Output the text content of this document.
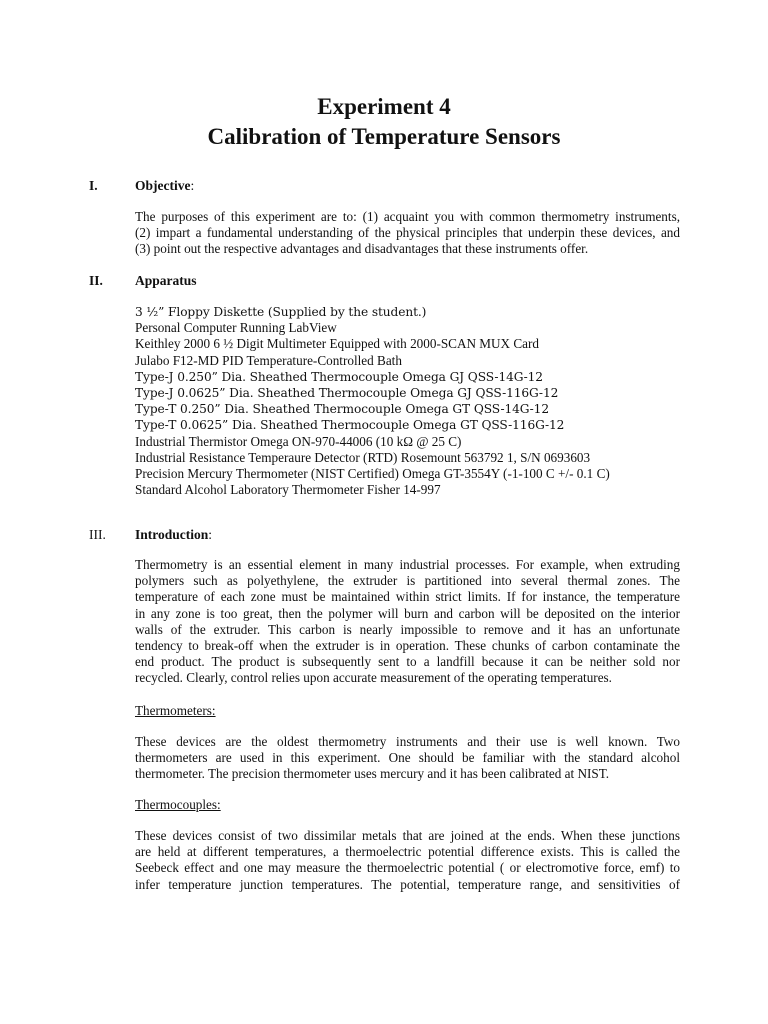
Experiment 4
Calibration of Temperature Sensors
I.	Objective:
The purposes of this experiment are to: (1) acquaint you with common thermometry instruments,
(2) impart a fundamental understanding of the physical principles that underpin these devices, and
(3) point out the respective advantages and disadvantages that these instruments offer.
II. Apparatus
3 ½” Floppy Diskette (Supplied by the student.)
Personal Computer Running LabView
Keithley 2000 6 ½ Digit Multimeter Equipped with 2000-SCAN MUX Card
Julabo F12-MD PID Temperature-Controlled Bath
Type-J 0.250” Dia. Sheathed Thermocouple Omega GJ QSS-14G-12
Type-J 0.0625” Dia. Sheathed Thermocouple Omega GJ QSS-116G-12
Type-T 0.250” Dia. Sheathed Thermocouple Omega GT QSS-14G-12
Type-T 0.0625” Dia. Sheathed Thermocouple Omega GT QSS-116G-12
Industrial Thermistor Omega ON-970-44006 (10 kΩ @ 25 C)
Industrial Resistance Temperaure Detector (RTD) Rosemount 563792 1, S/N 0693603
Precision Mercury Thermometer (NIST Certified) Omega GT-3554Y (-1-100 C +/- 0.1 C)
Standard Alcohol Laboratory Thermometer Fisher 14-997
III. Introduction:
Thermometry is an essential element in many industrial processes. For example, when extruding
polymers such as polyethylene, the extruder is partitioned into several thermal zones. The
temperature of each zone must be maintained within strict limits. If for instance, the temperature
in any zone is too great, then the polymer will burn and carbon will be deposited on the interior
walls of the extruder. This carbon is nearly impossible to remove and it has an unfortunate
tendency to break-off when the extruder is in operation. These chunks of carbon contaminate the
end product. The product is subsequently sent to a landfill because it can be neither sold nor
recycled. Clearly, control relies upon accurate measurement of the operating temperatures.
Thermometers:
These devices are the oldest thermometry instruments and their use is well known. Two
thermometers are used in this experiment. One should be familiar with the standard alcohol
thermometer. The precision thermometer uses mercury and it has been calibrated at NIST.
Thermocouples:
These devices consist of two dissimilar metals that are joined at the ends. When these junctions
are held at different temperatures, a thermoelectric potential difference exists. This is called the
Seebeck effect and one may measure the thermoelectric potential ( or electromotive force, emf) to
infer temperature junction temperatures. The potential, temperature range, and sensitivities of
